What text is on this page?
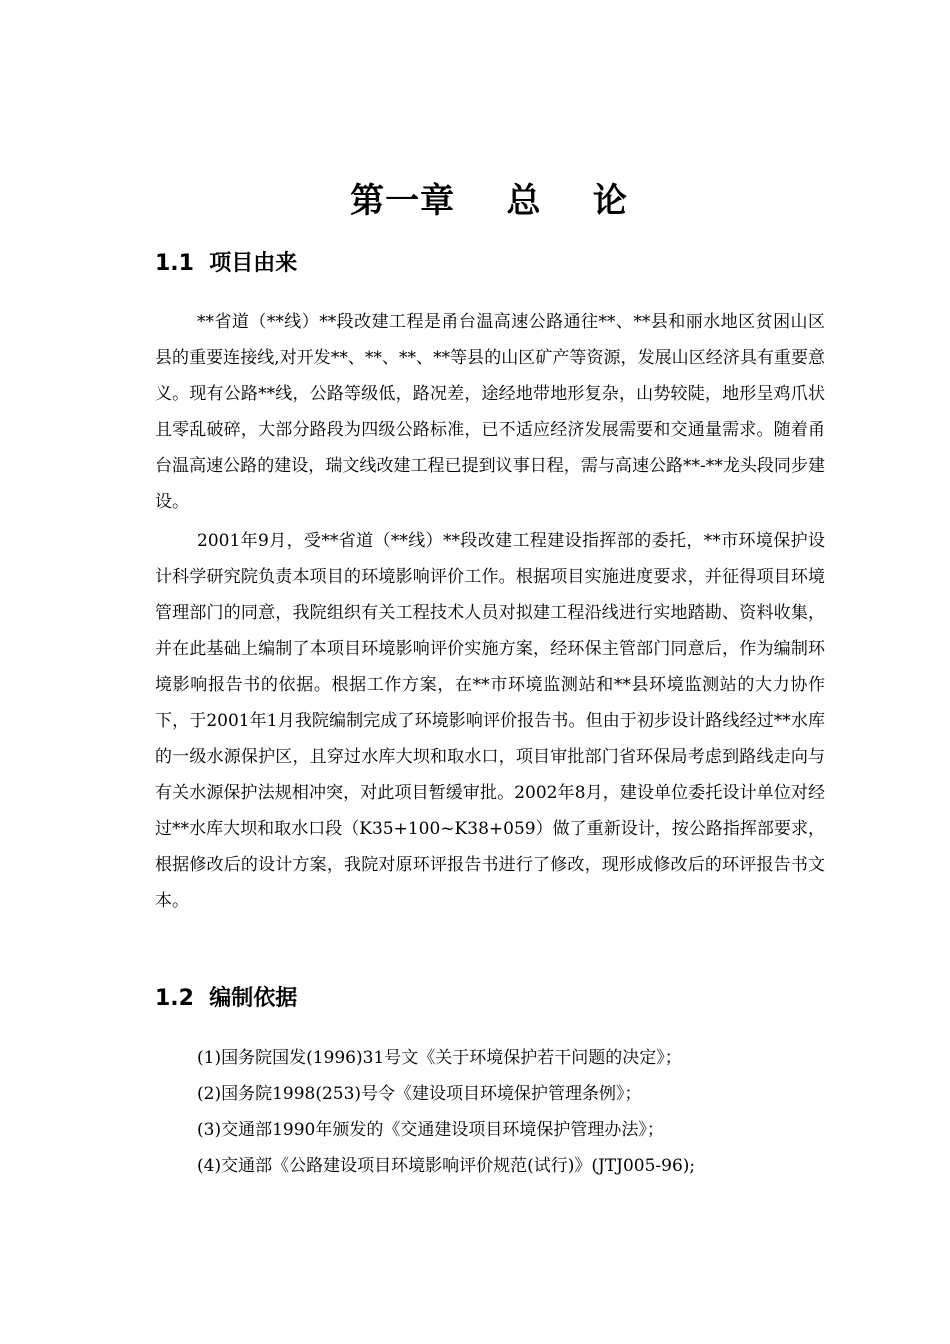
第一章    总    论
1.1  项目由来

**省道（**线）**段改建工程是甬台温高速公路通往**、**县和丽水地区贫困山区县的重要连接线,对开发**、**、**、**等县的山区矿产等资源，发展山区经济具有重要意义。现有公路**线，公路等级低，路况差，途经地带地形复杂，山势较陡，地形呈鸡爪状且零乱破碎，大部分路段为四级公路标准，已不适应经济发展需要和交通量需求。随着甬台温高速公路的建设，瑞文线改建工程已提到议事日程，需与高速公路**-**龙头段同步建设。

2001年9月，受**省道（**线）**段改建工程建设指挥部的委托，**市环境保护设计科学研究院负责本项目的环境影响评价工作。根据项目实施进度要求，并征得项目环境管理部门的同意，我院组织有关工程技术人员对拟建工程沿线进行实地踏勘、资料收集，并在此基础上编制了本项目环境影响评价实施方案，经环保主管部门同意后，作为编制环境影响报告书的依据。根据工作方案，在**市环境监测站和**县环境监测站的大力协作下，于2001年1月我院编制完成了环境影响评价报告书。但由于初步设计路线经过**水库的一级水源保护区，且穿过水库大坝和取水口，项目审批部门省环保局考虑到路线走向与有关水源保护法规相冲突，对此项目暂缓审批。2002年8月，建设单位委托设计单位对经过**水库大坝和取水口段（K35+100~K38+059）做了重新设计，按公路指挥部要求，根据修改后的设计方案，我院对原环评报告书进行了修改，现形成修改后的环评报告书文本。

1.2  编制依据
(1)国务院国发(1996)31号文《关于环境保护若干问题的决定》；
(2)国务院1998(253)号令《建设项目环境保护管理条例》；
(3)交通部1990年颁发的《交通建设项目环境保护管理办法》；
(4)交通部《公路建设项目环境影响评价规范(试行)》(JTJ005-96);
